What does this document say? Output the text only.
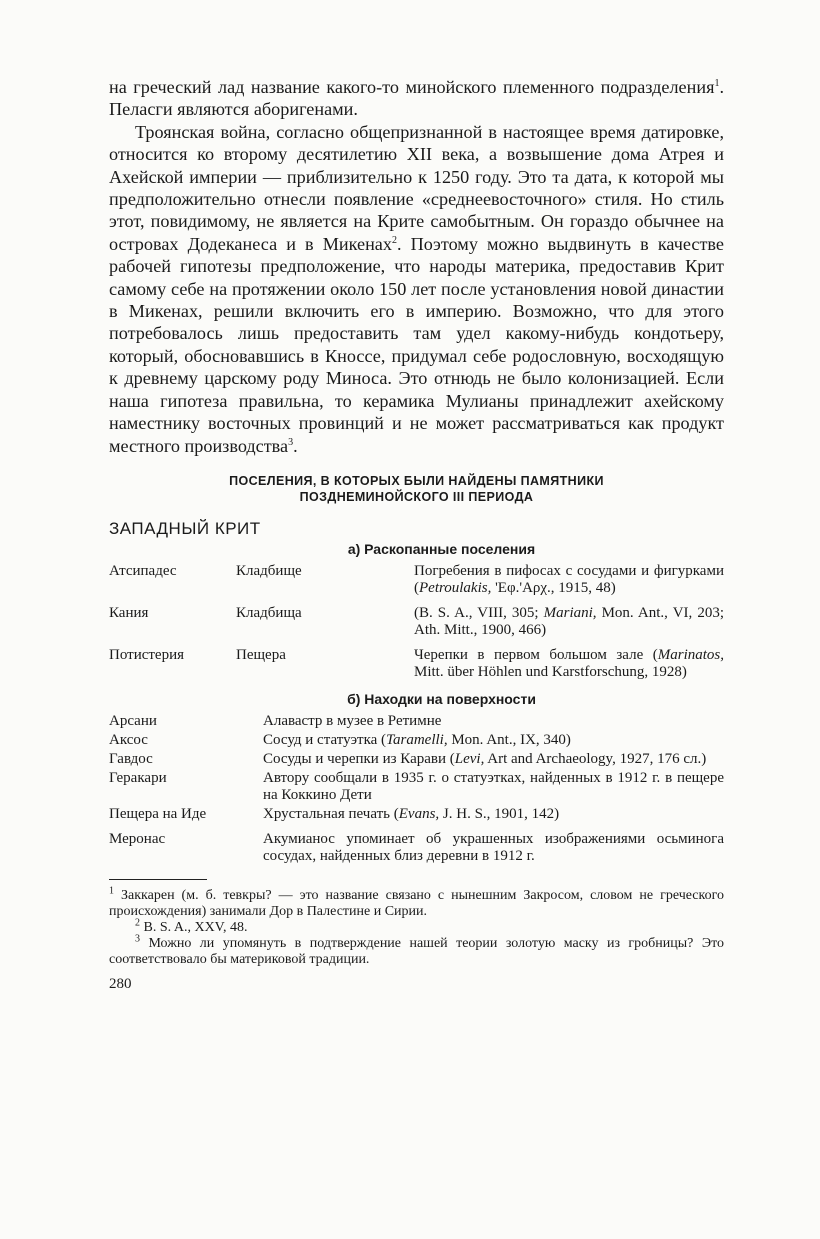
на греческий лад название какого-то минойского племенного подразделения$^1$. Пеласги являются аборигенами.

Троянская война, согласно общепризнанной в настоящее время датировке, относится ко второму десятилетию XII века, а возвышение дома Атрея и Ахейской империи — приблизительно к 1250 году. Это та дата, к которой мы предположительно отнесли появление «среднеевосточного» стиля. Но стиль этот, повидимому, не является на Крите самобытным. Он гораздо обычнее на островах Додеканеса и в Микенах$^2$. Поэтому можно выдвинуть в качестве рабочей гипотезы предположение, что народы материка, предоставив Крит самому себе на протяжении около 150 лет после установления новой династии в Микенах, решили включить его в империю. Возможно, что для этого потребовалось лишь предоставить там удел какому-нибудь кондотьеру, который, обосновавшись в Кноссе, придумал себе родословную, восходящую к древнему царскому роду Миноса. Это отнюдь не было колонизацией. Если наша гипотеза правильна, то керамика Мулианы принадлежит ахейскому наместнику восточных провинций и не может рассматриваться как продукт местного производства$^3$.

ПОСЕЛЕНИЯ, В КОТОРЫХ БЫЛИ НАЙДЕНЫ ПАМЯТНИКИ
ПОЗДНЕМИНОЙСКОГО III ПЕРИОДА
ЗАПАДНЫЙ КРИТ
а) Раскопанные поселения
Атсипадес	Кладбище	Погребения в пифосах с сосудами и фигурками (Petroulakis, 'Εφ.'Αρχ., 1915, 48)
Кания	Кладбища	(B. S. A., VIII, 305; Mariani, Mon. Ant., VI, 203; Ath. Mitt., 1900, 466)
Потистерия	Пещера	Черепки в первом большом зале (Marinatos, Mitt. über Höhlen und Karstforschung, 1928)
б) Находки на поверхности
Арсани	Алавастр в музее в Ретимне
Аксос	Сосуд и статуэтка (Taramelli, Mon. Ant., IX, 340)
Гавдос	Сосуды и черепки из Карави (Levi, Art and Archaeology, 1927, 176 сл.)
Геракари	Автору сообщали в 1935 г. о статуэтках, найденных в 1912 г. в пещере на Коккино Дети
Пещера на Иде	Хрустальная печать (Evans, J. H. S., 1901, 142)
Меронас	Акумианос упоминает об украшенных изображениями осьминога сосудах, найденных близ деревни в 1912 г.
$^1$ Заккарен (м. б. тевкры? — это название связано с нынешним Закросом, словом не греческого происхождения) занимали Дор в Палестине и Сирии.
$^2$ B. S. A., XXV, 48.
$^3$ Можно ли упомянуть в подтверждение нашей теории золотую маску из гробницы? Это соответствовало бы материковой традиции.
280
